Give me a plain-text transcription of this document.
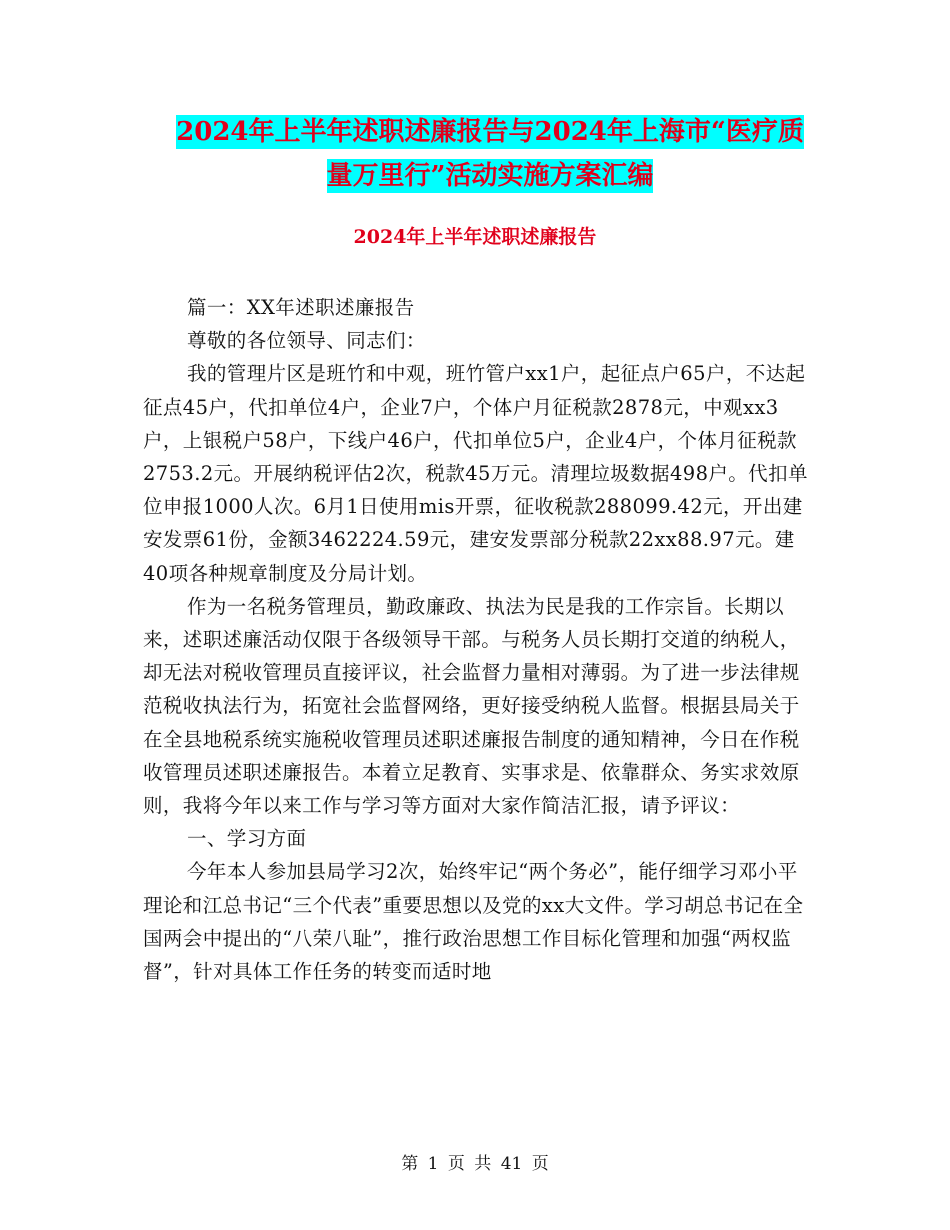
2024年上半年述职述廉报告与2024年上海市“医疗质
量万里行”活动实施方案汇编
2024年上半年述职述廉报告

篇一：XX年述职述廉报告

尊敬的各位领导、同志们：

我的管理片区是班竹和中观，班竹管户xx1户，起征点户65户，不达起征点45户，代扣单位4户，企业7户，个体户月征税款2878元，中观xx3户，上银税户58户，下线户46户，代扣单位5户，企业4户，个体月征税款2753.2元。开展纳税评估2次，税款45万元。清理垃圾数据498户。代扣单位申报1000人次。6月1日使用mis开票，征收税款288099.42元，开出建安发票61份，金额3462224.59元，建安发票部分税款22xx88.97元。建40项各种规章制度及分局计划。

作为一名税务管理员，勤政廉政、执法为民是我的工作宗旨。长期以来，述职述廉活动仅限于各级领导干部。与税务人员长期打交道的纳税人，却无法对税收管理员直接评议，社会监督力量相对薄弱。为了进一步法律规范税收执法行为，拓宽社会监督网络，更好接受纳税人监督。根据县局关于在全县地税系统实施税收管理员述职述廉报告制度的通知精神，今日在作税收管理员述职述廉报告。本着立足教育、实事求是、依靠群众、务实求效原则，我将今年以来工作与学习等方面对大家作简洁汇报，请予评议：

一、学习方面

今年本人参加县局学习2次，始终牢记“两个务必”，能仔细学习邓小平理论和江总书记“三个代表”重要思想以及党的xx大文件。学习胡总书记在全国两会中提出的“八荣八耻”，推行政治思想工作目标化管理和加强“两权监督”，针对具体工作任务的转变而适时地

第 1 页 共 41 页
